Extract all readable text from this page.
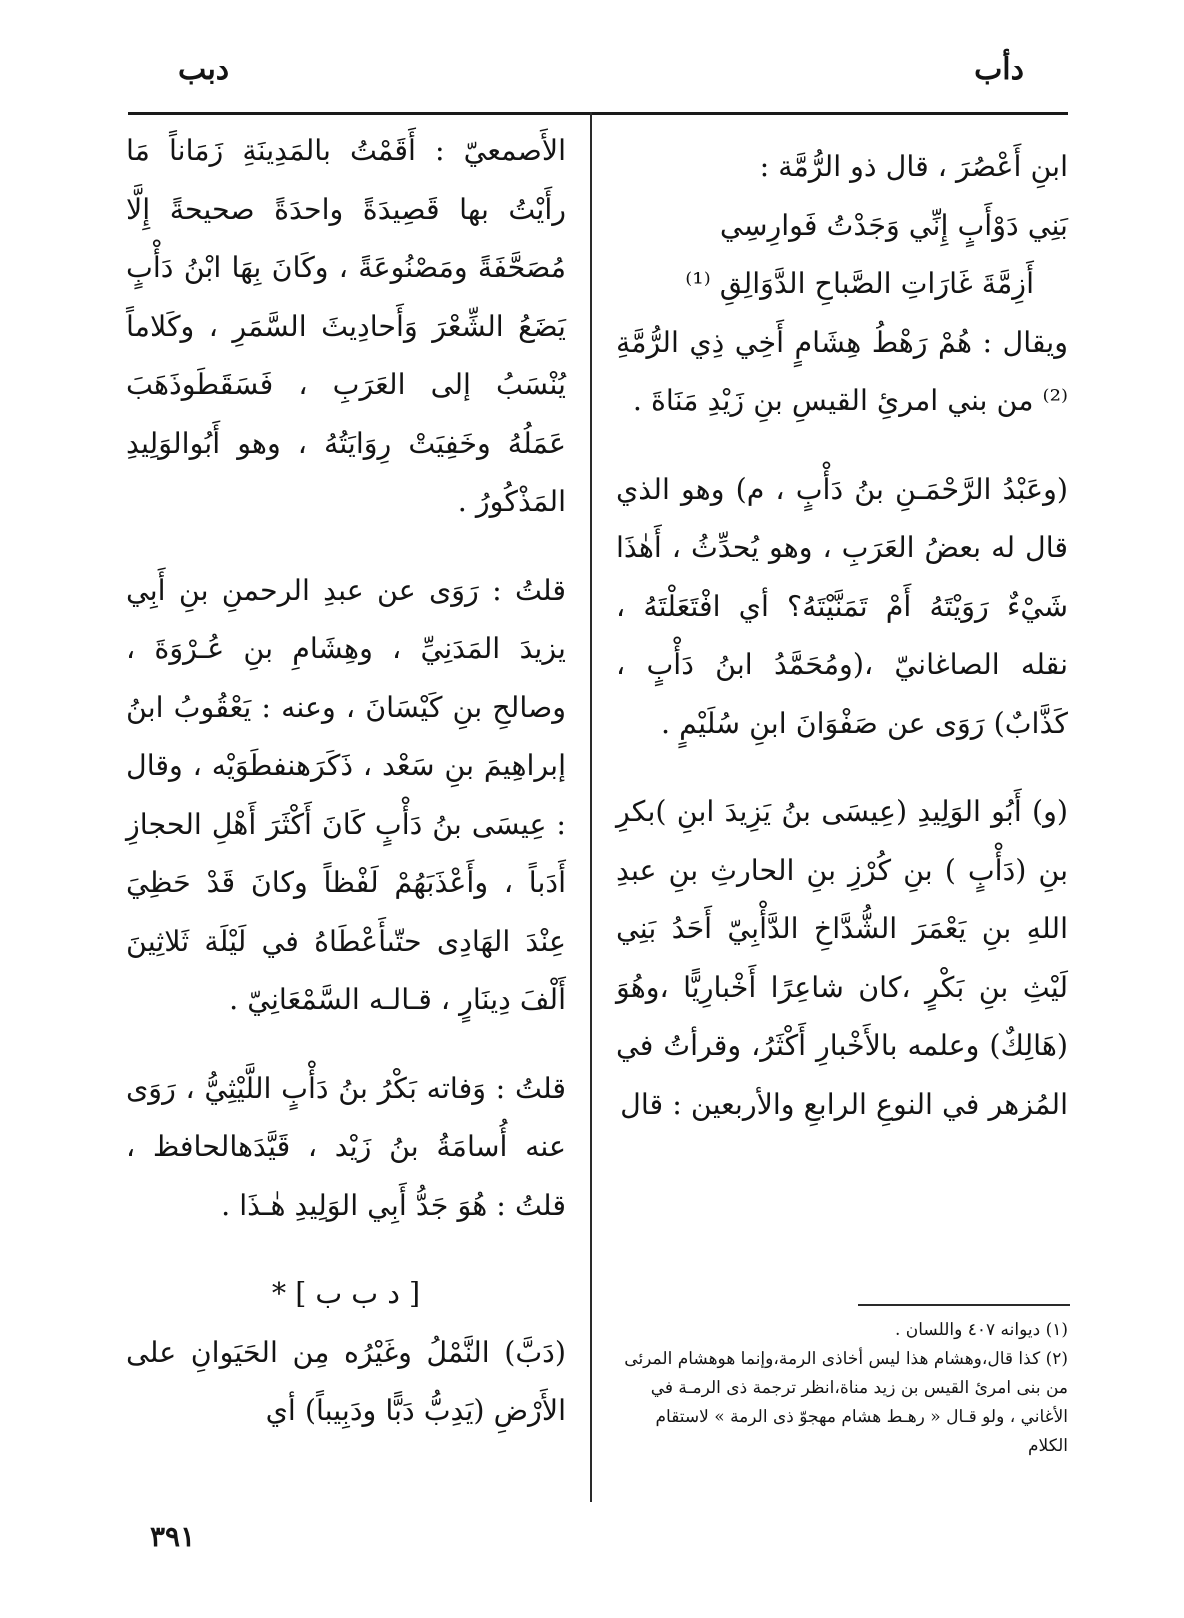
دأب
دبب

ابنِ أَعْصُرَ ، قال ذو الرُّمَّة :

بَنِي دَوْأَبٍ إِنِّي وَجَدْتُ فَوارِسِي

أَزِمَّةَ غَارَاتِ الصَّباحِ الدَّوَالِقِ ⁽¹⁾

ويقال : هُمْ رَهْطُ هِشَامٍ أَخِي ذِي الرُّمَّةِ ⁽²⁾ من بني امرئِ القيسِ بنِ زَيْدِ مَنَاةَ .

(وعَبْدُ الرَّحْمَـنِ بنُ دَأْبٍ ، م) وهو الذي قال له بعضُ العَرَبِ ، وهو يُحدِّثُ ، أَهٰذَا شَيْءٌ رَوَيْتَهُ أَمْ تَمَنَّيْتَهُ؟ أي افْتَعَلْتَهُ ، نقله الصاغانيّ ،(ومُحَمَّدُ ابنُ دَأْبٍ ، كَذَّابٌ) رَوَى عن صَفْوَانَ ابنِ سُلَيْمٍ .

(و) أَبُو الوَلِيدِ (عِيسَى بنُ يَزِيدَ ابنِ )بكرِ بنِ (دَأْبٍ ) بنِ كُرْزِ بنِ الحارثِ بنِ عبدِ اللهِ بنِ يَعْمَرَ الشُّدَّاخِ الدَّأْبِيّ أَحَدُ بَنِي لَيْثِ بنِ بَكْرٍ ،كان شاعِرًا أَخْبارِيًّا ،وهُوَ (هَالِكٌ) وعلمه بالأَخْبارِ أَكْثَرُ، وقرأتُ في المُزهر في النوعِ الرابعِ والأربعين : قال

الأَصمعيّ : أَقَمْتُ بالمَدِينَةِ زَمَاناً مَا رأَيْتُ بها قَصِيدَةً واحدَةً صحيحةً إِلَّا مُصَحَّفَةً ومَصْنُوعَةً ، وكَانَ بِهَا ابْنُ دَأْبٍ يَضَعُ الشِّعْرَ وَأَحادِيثَ السَّمَرِ ، وكَلاماً يُنْسَبُ إلى العَرَبِ ، فَسَقَطَوذَهَبَ عَمَلُهُ وخَفِيَتْ رِوَايَتُهُ ، وهو أَبُوالوَلِيدِ المَذْكُورُ .

قلتُ : رَوَى عن عبدِ الرحمنِ بنِ أَبِي يزيدَ المَدَنِيِّ ، وهِشَامِ بنِ عُـرْوَةَ ، وصالحِ بنِ كَيْسَانَ ، وعنه : يَعْقُوبُ ابنُ إبراهِيمَ بنِ سَعْد ، ذَكَرَهنفطَوَيْه ، وقال : عِيسَى بنُ دَأْبٍ كَانَ أَكْثَرَ أَهْلِ الحجازِ أَدَباً ، وأَعْذَبَهُمْ لَفْظاً وكانَ قَدْ حَظِيَ عِنْدَ الهَادِى حتّىأَعْطَاهُ في لَيْلَة ثَلاثِينَ أَلْفَ دِينَارٍ ، قـالـه السَّمْعَانِيّ .

قلتُ : وَفاته بَكْرُ بنُ دَأْبٍ اللَّيْثِيُّ ، رَوَى عنه أُسامَةُ بنُ زَيْد ، قَيَّدَهالحافظ ، قلتُ : هُوَ جَدُّ أَبِي الوَلِيدِ هٰـذَا .

[ د ب ب ] *

(دَبَّ) النَّمْلُ وغَيْرُه مِن الحَيَوانِ على الأَرْضِ (يَدِبُّ دَبًّا ودَبِيباً) أي

(١) ديوانه ٤٠٧ واللسان .

(٢) كذا قال،وهشام هذا ليس أخاذى الرمة،وإنما هوهشام المرئى من بنى امرئ القيس بن زيد مناة،انظر ترجمة ذى الرمـة في الأغاني ، ولو قـال « رهـط هشام مهجوّ ذى الرمة » لاستقام الكلام

٣٩١
